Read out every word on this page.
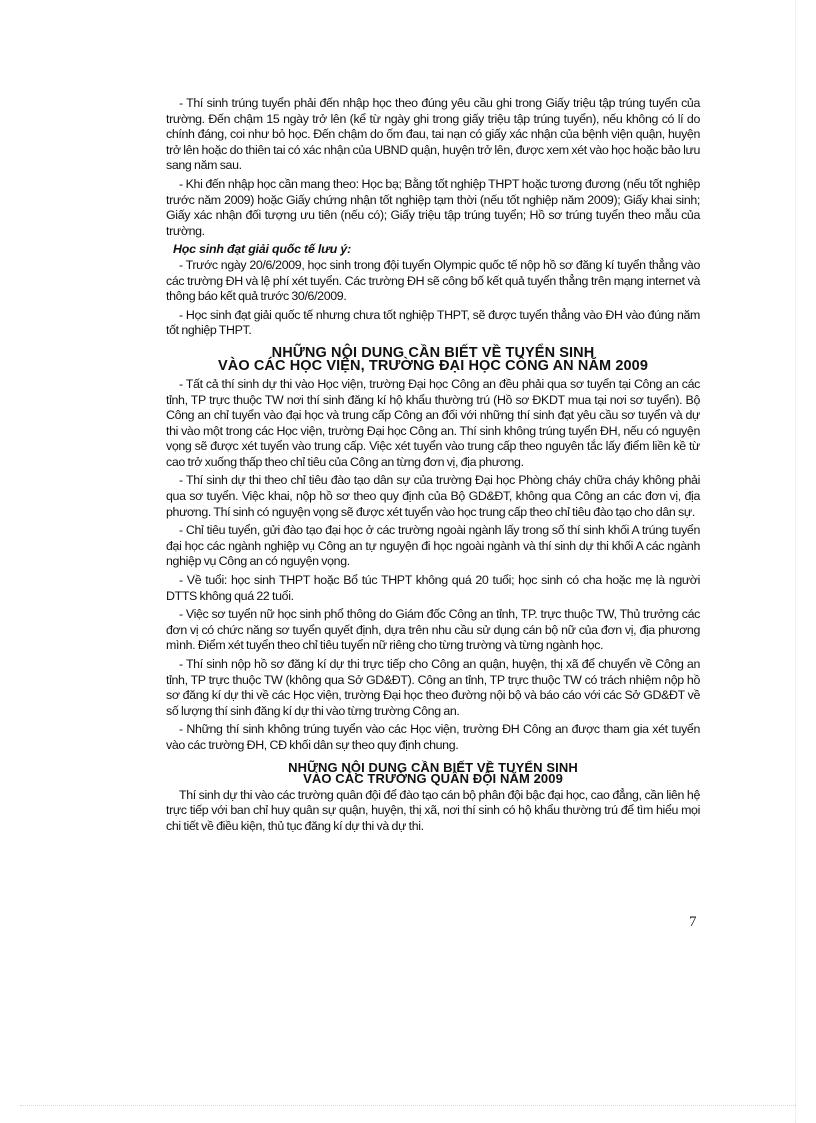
- Thí sinh trúng tuyển phải đến nhập học theo đúng yêu cầu ghi trong Giấy triệu tập trúng tuyển của trường. Đến chậm 15 ngày trở lên (kể từ ngày ghi trong giấy triệu tập trúng tuyển), nếu không có lí do chính đáng, coi như bỏ học. Đến chậm do ốm đau, tai nạn có giấy xác nhận của bệnh viện quận, huyện trở lên hoặc do thiên tai có xác nhận của UBND quận, huyện trở lên, được xem xét vào học hoặc bảo lưu sang năm sau.

- Khi đến nhập học cần mang theo: Học bạ; Bằng tốt nghiệp THPT hoặc tương đương (nếu tốt nghiệp trước năm 2009) hoặc Giấy chứng nhận tốt nghiệp tạm thời (nếu tốt nghiệp năm 2009); Giấy khai sinh; Giấy xác nhận đối tượng ưu tiên (nếu có); Giấy triệu tập trúng tuyển; Hồ sơ trúng tuyển theo mẫu của trường.

Học sinh đạt giải quốc tế lưu ý:

- Trước ngày 20/6/2009, học sinh trong đội tuyển Olympic quốc tế nộp hồ sơ đăng kí tuyển thẳng vào các trường ĐH và lệ phí xét tuyển. Các trường ĐH sẽ công bố kết quả tuyển thẳng trên mạng internet và thông báo kết quả trước 30/6/2009.

- Học sinh đạt giải quốc tế nhưng chưa tốt nghiệp THPT, sẽ được tuyển thẳng vào ĐH vào đúng năm tốt nghiệp THPT.

NHỮNG NỘI DUNG CẦN BIẾT VỀ TUYỂN SINH
VÀO CÁC HỌC VIỆN, TRƯỜNG ĐẠI HỌC CÔNG AN NĂM 2009

- Tất cả thí sinh dự thi vào Học viện, trường Đại học Công an đều phải qua sơ tuyển tại Công an các tỉnh, TP trực thuộc TW nơi thí sinh đăng kí hộ khẩu thường trú (Hồ sơ ĐKDT mua tại nơi sơ tuyển). Bộ Công an chỉ tuyển vào đại học và trung cấp Công an đối với những thí sinh đạt yêu cầu sơ tuyển và dự thi vào một trong các Học viện, trường Đại học Công an. Thí sinh không trúng tuyển ĐH, nếu có nguyện vọng sẽ được xét tuyển vào trung cấp. Việc xét tuyển vào trung cấp theo nguyên tắc lấy điểm liền kề từ cao trở xuống thấp theo chỉ tiêu của Công an từng đơn vị, địa phương.

- Thí sinh dự thi theo chỉ tiêu đào tạo dân sự của trường Đại học Phòng cháy chữa cháy không phải qua sơ tuyển. Việc khai, nộp hồ sơ theo quy định của Bộ GD&ĐT, không qua Công an các đơn vị, địa phương. Thí sinh có nguyện vọng sẽ được xét tuyển vào học trung cấp theo chỉ tiêu đào tạo cho dân sự.

- Chỉ tiêu tuyển, gửi đào tạo đại học ở các trường ngoài ngành lấy trong số thí sinh khối A trúng tuyển đại học các ngành nghiệp vụ Công an tự nguyện đi học ngoài ngành và thí sinh dự thi khối A các ngành nghiệp vụ Công an có nguyện vọng.

- Về tuổi: học sinh THPT hoặc Bổ túc THPT không quá 20 tuổi; học sinh có cha hoặc mẹ là người DTTS không quá 22 tuổi.

- Việc sơ tuyển nữ học sinh phổ thông do Giám đốc Công an tỉnh, TP. trực thuộc TW, Thủ trưởng các đơn vị có chức năng sơ tuyển quyết định, dựa trên nhu cầu sử dụng cán bộ nữ của đơn vị, địa phương mình. Điểm xét tuyển theo chỉ tiêu tuyển nữ riêng cho từng trường và từng ngành học.

- Thí sinh nộp hồ sơ đăng kí dự thi trực tiếp cho Công an quận, huyện, thị xã để chuyển về Công an tỉnh, TP trực thuộc TW (không qua Sở GD&ĐT). Công an tỉnh, TP trực thuộc TW có trách nhiệm nộp hồ sơ đăng kí dự thi về các Học viện, trường Đại học theo đường nội bộ và báo cáo với các Sở GD&ĐT về số lượng thí sinh đăng kí dự thi vào từng trường Công an.

- Những thí sinh không trúng tuyển vào các Học viện, trường ĐH Công an được tham gia xét tuyển vào các trường ĐH, CĐ khối dân sự theo quy định chung.

NHỮNG NỘI DUNG CẦN BIẾT VỀ TUYỂN SINH
VÀO CÁC TRƯỜNG QUÂN ĐỘI NĂM 2009

Thí sinh dự thi vào các trường quân đội để đào tạo cán bộ phân đội bậc đại học, cao đẳng, cần liên hệ trực tiếp với ban chỉ huy quân sự quận, huyện, thị xã, nơi thí sinh có hộ khẩu thường trú để tìm hiểu mọi chi tiết về điều kiện, thủ tục đăng kí dự thi và dự thi.

7
